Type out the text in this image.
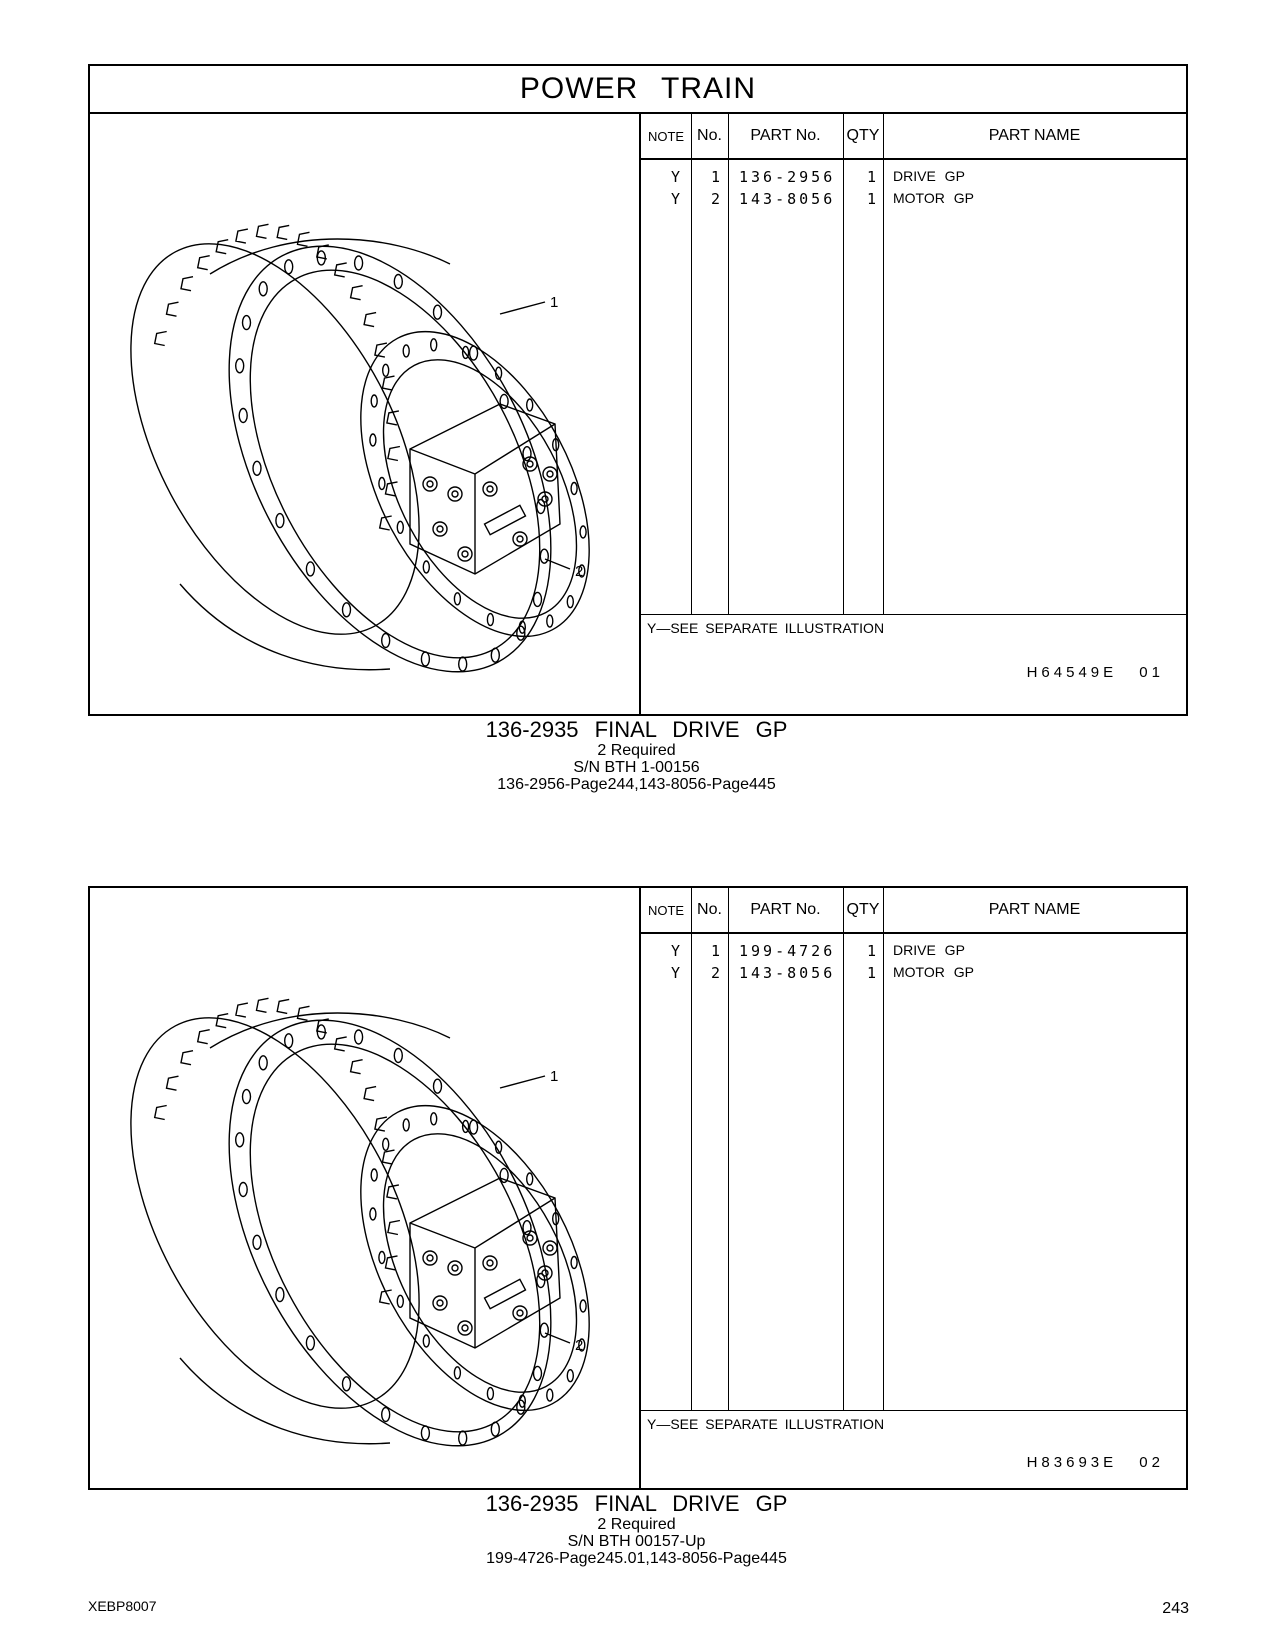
POWER TRAIN
1
2
NOTE No.	PART No.	QTY	PART NAME
Y 1 136-2956 1 DRIVE GP
Y 2 143-8056 1 MOTOR GP
Y—SEE SEPARATE ILLUSTRATION
H64549E 01
136-2935 FINAL DRIVE GP
2 Required
S/N BTH 1-00156
136-2956-Page244,143-8056-Page445
1
2
NOTE No.	PART No.	QTY	PART NAME
Y 1 199-4726 1 DRIVE GP
Y 2 143-8056 1 MOTOR GP
Y—SEE SEPARATE ILLUSTRATION
H83693E 02
136-2935 FINAL DRIVE GP
2 Required
S/N BTH 00157-Up
199-4726-Page245.01,143-8056-Page445
XEBP8007	243
